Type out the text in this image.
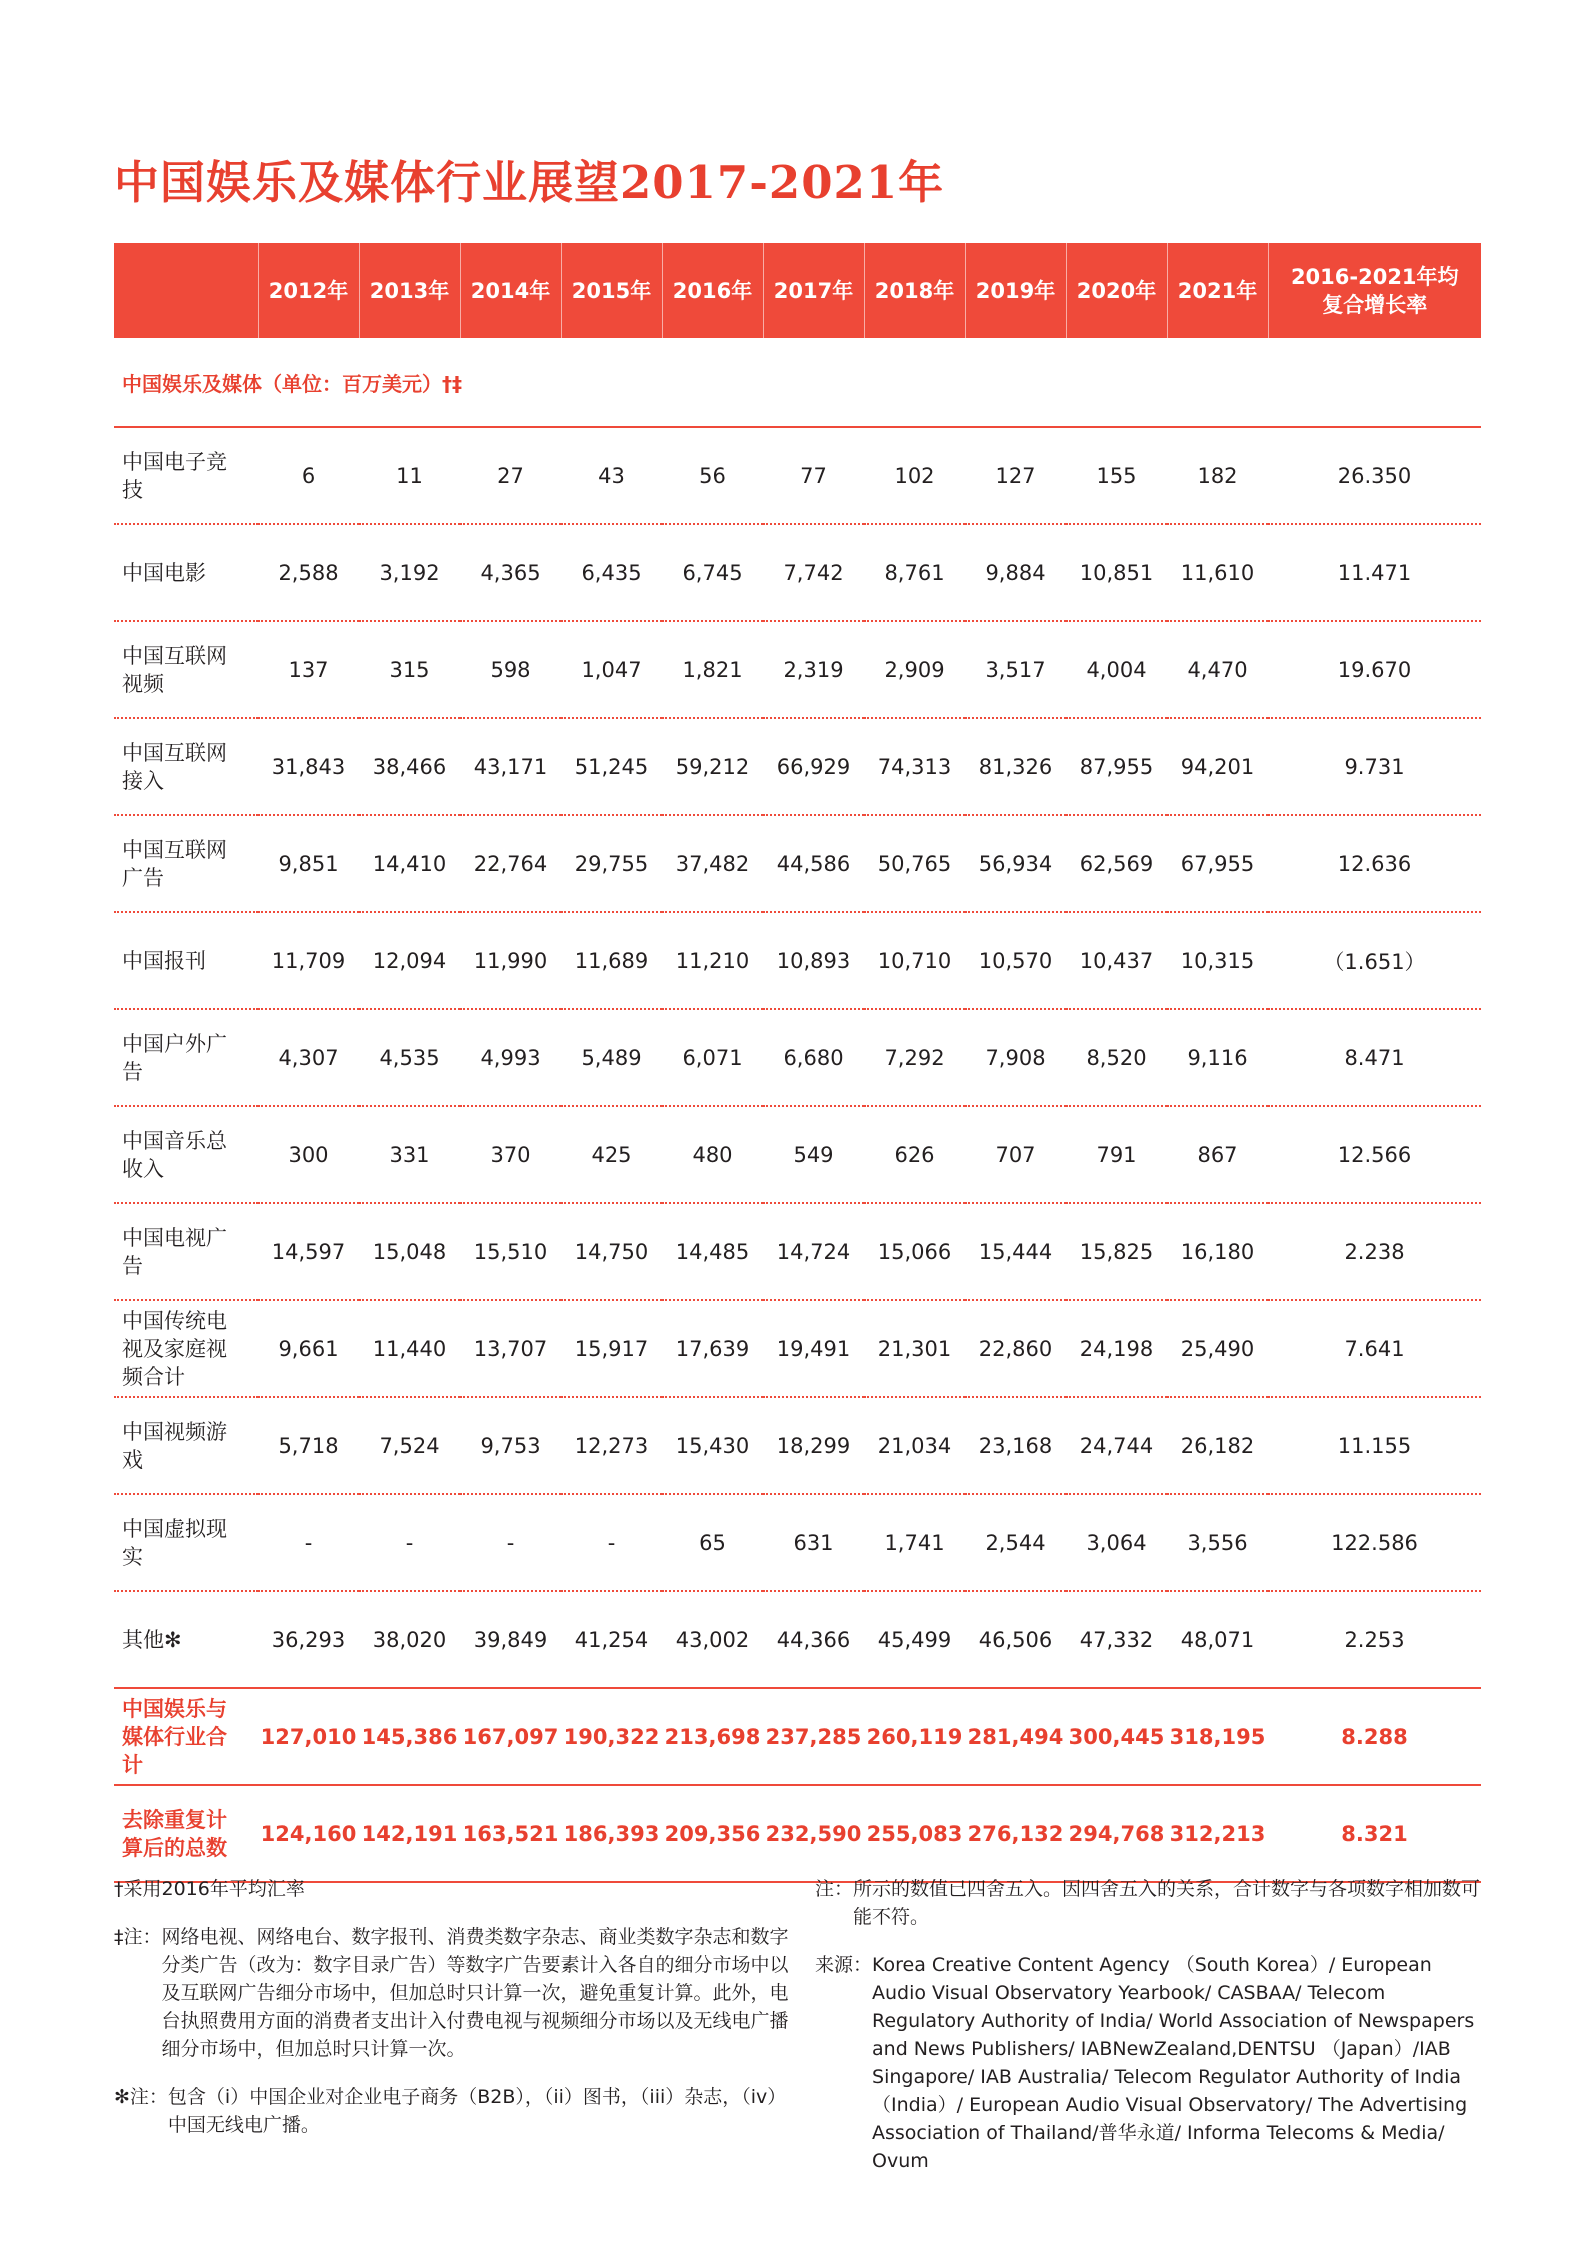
中国娱乐及媒体行业展望2017-2021年
	2012年	2013年	2014年	2015年	2016年	2017年	2018年	2019年	2020年	2021年	2016-2021年均复合增长率
中国娱乐及媒体（单位：百万美元）†‡											
中国电子竞技	6	11	27	43	56	77	102	127	155	182	26.350
中国电影	2,588	3,192	4,365	6,435	6,745	7,742	8,761	9,884	10,851	11,610	11.471
中国互联网视频	137	315	598	1,047	1,821	2,319	2,909	3,517	4,004	4,470	19.670
中国互联网接入	31,843	38,466	43,171	51,245	59,212	66,929	74,313	81,326	87,955	94,201	9.731
中国互联网广告	9,851	14,410	22,764	29,755	37,482	44,586	50,765	56,934	62,569	67,955	12.636
中国报刊	11,709	12,094	11,990	11,689	11,210	10,893	10,710	10,570	10,437	10,315	（1.651）
中国户外广告	4,307	4,535	4,993	5,489	6,071	6,680	7,292	7,908	8,520	9,116	8.471
中国音乐总收入	300	331	370	425	480	549	626	707	791	867	12.566
中国电视广告	14,597	15,048	15,510	14,750	14,485	14,724	15,066	15,444	15,825	16,180	2.238
中国传统电视及家庭视频合计	9,661	11,440	13,707	15,917	17,639	19,491	21,301	22,860	24,198	25,490	7.641
中国视频游戏	5,718	7,524	9,753	12,273	15,430	18,299	21,034	23,168	24,744	26,182	11.155
中国虚拟现实	-	-	-	-	65	631	1,741	2,544	3,064	3,556	122.586
其他✻	36,293	38,020	39,849	41,254	43,002	44,366	45,499	46,506	47,332	48,071	2.253
中国娱乐与媒体行业合计	127,010	145,386	167,097	190,322	213,698	237,285	260,119	281,494	300,445	318,195	8.288
去除重复计算后的总数	124,160	142,191	163,521	186,393	209,356	232,590	255,083	276,132	294,768	312,213	8.321
†采用2016年平均汇率
‡注： 网络电视、网络电台、数字报刊、消费类数字杂志、商业类数字杂志和数字分类广告（改为：数字目录广告）等数字广告要素计入各自的细分市场中以及互联网广告细分市场中，但加总时只计算一次，避免重复计算。此外，电台执照费用方面的消费者支出计入付费电视与视频细分市场以及无线电广播细分市场中，但加总时只计算一次。
✻注： 包含（i）中国企业对企业电子商务（B2B），（ii）图书，（iii）杂志，（iv）中国无线电广播。
注： 所示的数值已四舍五入。因四舍五入的关系，合计数字与各项数字相加数可能不符。
来源： Korea Creative Content Agency （South Korea）/ European Audio Visual Observatory Yearbook/ CASBAA/ Telecom Regulatory Authority of India/ World Association of Newspapers and News Publishers/ IABNewZealand,DENTSU （Japan）/IAB Singapore/ IAB Australia/ Telecom Regulator Authority of India （India）/ European Audio Visual Observatory/ The Advertising Association of Thailand/普华永道/ Informa Telecoms & Media/ Ovum
